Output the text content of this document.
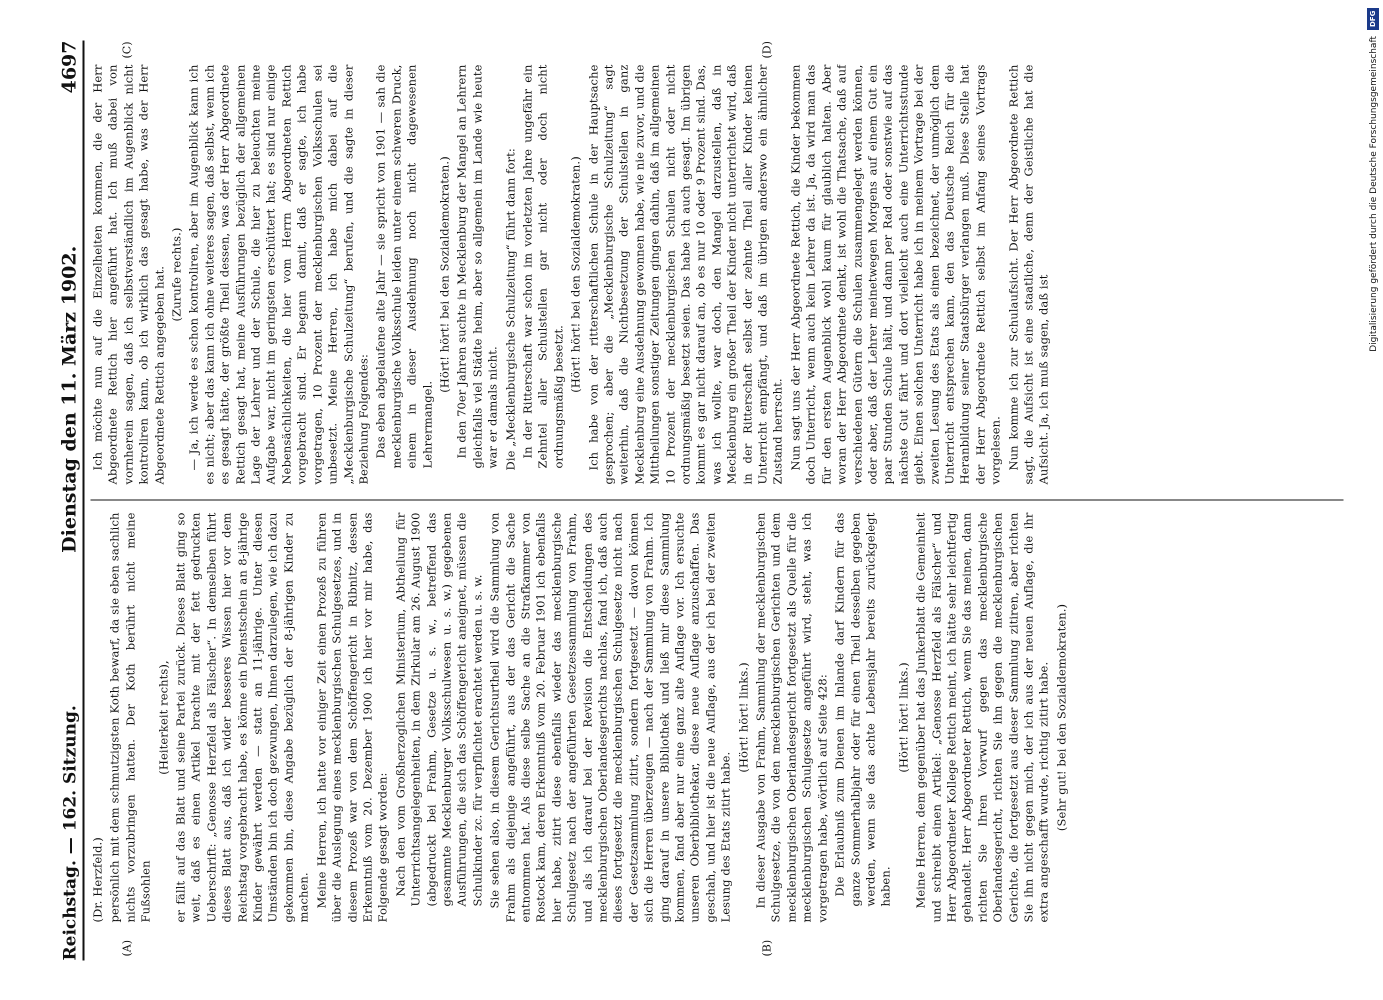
Reichstag. — 162. Sitzung.
Dienstag den 11. März 1902.
4697
(A)	(B)
(C)	(D)

(Dr. Herzfeld.) persönlich mit dem schmutzigsten Koth bewarf, da sie eben sachlich nichts vorzubringen hatten. Der Koth berührt nicht meine Fußsohlen

(Heiterkeit rechts), er fällt auf das Blatt und seine Partei zurück. Dieses Blatt ging so weit, daß es einen Artikel brachte mit der fett gedruckten Ueberschrift: „Genosse Herzfeld als Fälscher“. In demselben führt dieses Blatt aus, daß ich wider besseres Wissen hier vor dem Reichstag vorgebracht habe, es könne ein Dienstschein an 8-jährige Kinder gewährt werden — statt an 11-jährige. Unter diesen Umständen bin ich doch gezwungen, Ihnen darzulegen, wie ich dazu gekommen bin, diese Angabe bezüglich der 8-jährigen Kinder zu machen. Meine Herren, ich hatte vor einiger Zeit einen Prozeß zu führen über die Auslegung eines mecklenburgischen Schulgesetzes, und in diesem Prozeß war von dem Schöffengericht in Ribnitz, dessen Erkenntniß vom 20. Dezember 1900 ich hier vor mir habe, das Folgende gesagt worden: Nach den vom Großherzoglichen Ministerium, Abtheilung für Unterrichtsangelegenheiten, in dem Zirkular am 26. August 1900 (abgedruckt bei Frahm, Gesetze u. s. w., betreffend das gesammte Mecklenburger Volksschulwesen u. s. w.) gegebenen Ausführungen, die sich das Schöffengericht aneignet, müssen die Schulkinder zc. für verpflichtet erachtet werden u. s. w. Sie sehen also, in diesem Gerichtsurtheil wird die Sammlung von Frahm als diejenige angeführt, aus der das Gericht die Sache entnommen hat. Als diese selbe Sache an die Strafkammer von Rostock kam, deren Erkenntniß vom 20. Februar 1901 ich ebenfalls hier habe, zitirt diese ebenfalls wieder das mecklenburgische Schulgesetz nach der angeführten Gesetzessammlung von Frahm, und als ich darauf bei der Revision die Entscheidungen des mecklenburgischen Oberlandesgerichts nachlas, fand ich, daß auch dieses fortgesetzt die mecklenburgischen Schulgesetze nicht nach der Gesetzsammlung zitirt, sondern fortgesetzt — davon können sich die Herren überzeugen — nach der Sammlung von Frahm. Ich ging darauf in unsere Bibliothek und ließ mir diese Sammlung kommen, fand aber nur eine ganz alte Auflage vor. Ich ersuchte unseren Oberbibliothekar, diese neue Auflage anzuschaffen. Das geschah, und hier ist die neue Auflage, aus der ich bei der zweiten Lesung des Etats zitirt habe.

(Hört! hört! links.) In dieser Ausgabe von Frahm, Sammlung der mecklenburgischen Schulgesetze, die von den mecklenburgischen Gerichten und dem mecklenburgischen Oberlandesgericht fortgesetzt als Quelle für die mecklenburgischen Schulgesetze angeführt wird, steht, was ich vorgetragen habe, wörtlich auf Seite 428: Die Erlaubniß zum Dienen im Inlande darf Kindern für das ganze Sommerhalbjahr oder für einen Theil desselben gegeben werden, wenn sie das achte Lebensjahr bereits zurückgelegt haben.

(Hört! hört! links.) Meine Herren, dem gegenüber hat das Junkerblatt die Gemeinheit und schreibt einen Artikel: „Genosse Herzfeld als Fälscher“ und Herr Abgeordneter Kollege Rettich meint, ich hätte sehr leichtfertig gehandelt. Herr Abgeordneter Rettich, wenn Sie das meinen, dann richten Sie Ihren Vorwurf gegen das mecklenburgische Oberlandesgericht, richten Sie ihn gegen die mecklenburgischen Gerichte, die fortgesetzt aus dieser Sammlung zitiren, aber richten Sie ihn nicht gegen mich, der ich aus der neuen Auflage, die ihr extra angeschafft wurde, richtig zitirt habe. (Sehr gut! bei den Sozialdemokraten.)

Ich möchte nun auf die Einzelheiten kommen, die der Herr Abgeordnete Rettich hier angeführt hat. Ich muß dabei von vornherein sagen, daß ich selbstverständlich im Augenblick nicht kontroliren kann, ob ich wirklich das gesagt habe, was der Herr Abgeordnete Rettich angegeben hat. (Zurufe rechts.) — Ja, ich werde es schon kontroliren, aber im Augenblick kann ich es nicht; aber das kann ich ohne weiteres sagen, daß selbst, wenn ich es gesagt hätte, der größte Theil dessen, was der Herr Abgeordnete Rettich gesagt hat, meine Ausführungen bezüglich der allgemeinen Lage der Lehrer und der Schule, die hier zu beleuchten meine Aufgabe war, nicht im geringsten erschüttert hat; es sind nur einige Nebensächlichkeiten, die hier vom Herrn Abgeordneten Rettich vorgebracht sind. Er begann damit, daß er sagte, ich habe vorgetragen, 10 Prozent der mecklenburgischen Volksschulen sei unbesetzt. Meine Herren, ich habe mich dabei auf die „Mecklenburgische Schulzeitung“ berufen, und die sagte in dieser Beziehung Folgendes: Das eben abgelaufene alte Jahr — sie spricht von 1901 — sah die mecklenburgische Volksschule leiden unter einem schweren Druck, einem in dieser Ausdehnung noch nicht dagewesenen Lehrermangel.

(Hört! hört! bei den Sozialdemokraten.) In den 70er Jahren suchte in Mecklenburg der Mangel an Lehrern gleichfalls viel Städte heim, aber so allgemein im Lande wie heute war er damals nicht. Die „Mecklenburgische Schulzeitung“ führt dann fort: In der Ritterschaft war schon im vorletzten Jahre ungefähr ein Zehntel aller Schulstellen gar nicht oder doch nicht ordnungsmäßig besetzt.

(Hört! hört! bei den Sozialdemokraten.) Ich habe von der ritterschaftlichen Schule in der Hauptsache gesprochen; aber die „Mecklenburgische Schulzeitung“ sagt weiterhin, daß die Nichtbesetzung der Schulstellen in ganz Mecklenburg eine Ausdehnung gewonnen habe, wie nie zuvor, und die Mittheilungen sonstiger Zeitungen gingen dahin, daß im allgemeinen 10 Prozent der mecklenburgischen Schulen nicht oder nicht ordnungsmäßig besetzt seien. Das habe ich auch gesagt. Im übrigen kommt es gar nicht darauf an, ob es nur 10 oder 9 Prozent sind. Das, was ich wollte, war doch, den Mangel darzustellen, daß in Mecklenburg ein großer Theil der Kinder nicht unterrichtet wird, daß in der Ritterschaft selbst der zehnte Theil aller Kinder keinen Unterricht empfängt, und daß im übrigen anderswo ein ähnlicher Zustand herrscht. Nun sagt uns der Herr Abgeordnete Rettich, die Kinder bekommen doch Unterricht, wenn auch kein Lehrer da ist. Ja, da wird man das für den ersten Augenblick wohl kaum für glaublich halten. Aber woran der Herr Abgeordnete denkt, ist wohl die Thatsache, daß auf verschiedenen Gütern die Schulen zusammengelegt werden können, oder aber, daß der Lehrer meinetwegen Morgens auf einem Gut ein paar Stunden Schule hält, und dann per Rad oder sonstwie auf das nächste Gut fährt und dort vielleicht auch eine Unterrichtsstunde giebt. Einen solchen Unterricht habe ich in meinem Vortrage bei der zweiten Lesung des Etats als einen bezeichnet, der unmöglich dem Unterricht entsprechen kann, den das Deutsche Reich für die Heranbildung seiner Staatsbürger verlangen muß. Diese Stelle hat der Herr Abgeordnete Rettich selbst im Anfang seines Vortrags vorgelesen. Nun komme ich zur Schulaufsicht. Der Herr Abgeordnete Rettich sagt, die Aufsicht ist eine staatliche, denn der Geistliche hat die Aufsicht. Ja, ich muß sagen, daß ist

DFG
Digitalisierung gefördert durch die Deutsche Forschungsgemeinschaft
